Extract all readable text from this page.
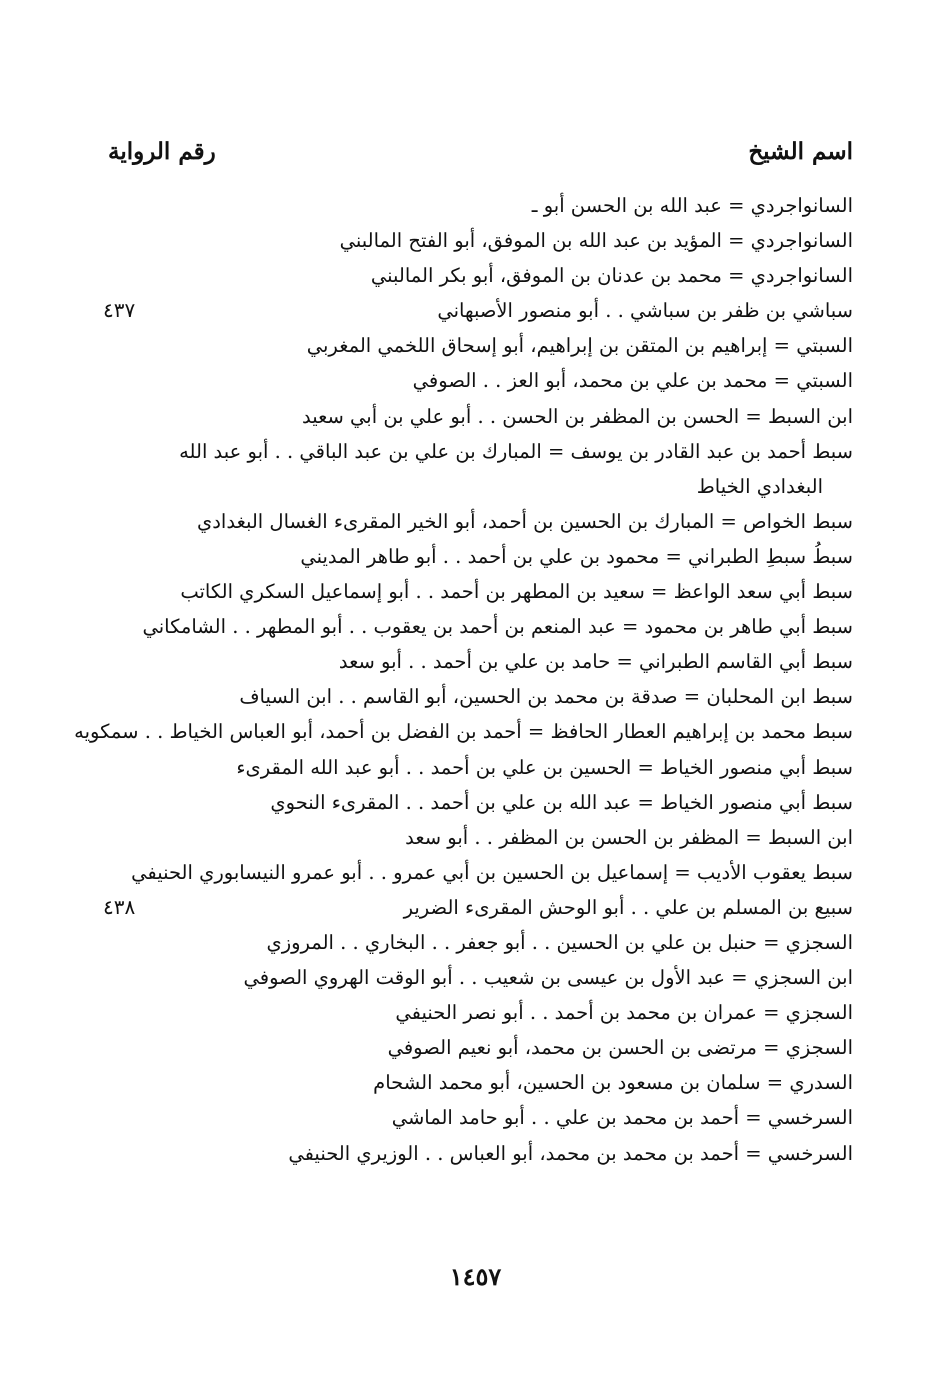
اسم الشيخ
رقم الرواية
السانواجردي = عبد الله بن الحسن أبو ـ
السانواجردي = المؤيد بن عبد الله بن الموفق، أبو الفتح المالبني
السانواجردي = محمد بن عدنان بن الموفق، أبو بكر المالبني
سباشي بن ظفر بن سباشي . . أبو منصور الأصبهاني
٤٣٧
السبتي = إبراهيم بن المتقن بن إبراهيم، أبو إسحاق اللخمي المغربي
السبتي = محمد بن علي بن محمد، أبو العز . . الصوفي
ابن السبط = الحسن بن المظفر بن الحسن . . أبو علي بن أبي سعيد
سبط أحمد بن عبد القادر بن يوسف = المبارك بن علي بن عبد الباقي . . أبو عبد الله
البغدادي الخياط
سبط الخواص = المبارك بن الحسين بن أحمد، أبو الخير المقرىء الغسال البغدادي
سبطُ سبطِ الطبراني = محمود بن علي بن أحمد . . أبو طاهر المديني
سبط أبي سعد الواعظ = سعيد بن المطهر بن أحمد . . أبو إسماعيل السكري الكاتب
سبط أبي طاهر بن محمود = عبد المنعم بن أحمد بن يعقوب . . أبو المطهر . . الشامكاني
سبط أبي القاسم الطبراني = حامد بن علي بن أحمد . . أبو سعد
سبط ابن المحلبان = صدقة بن محمد بن الحسين، أبو القاسم . . ابن السياف
سبط محمد بن إبراهيم العطار الحافظ = أحمد بن الفضل بن أحمد، أبو العباس الخياط . . سمكويه
سبط أبي منصور الخياط = الحسين بن علي بن أحمد . . أبو عبد الله المقرىء
سبط أبي منصور الخياط = عبد الله بن علي بن أحمد . . المقرىء النحوي
ابن السبط = المظفر بن الحسن بن المظفر . . أبو سعد
سبط يعقوب الأديب = إسماعيل بن الحسين بن أبي عمرو . . أبو عمرو النيسابوري الحنيفي
سبيع بن المسلم بن علي . . أبو الوحش المقرىء الضرير
٤٣٨
السجزي = حنبل بن علي بن الحسين . . أبو جعفر . . البخاري . . المروزي
ابن السجزي = عبد الأول بن عيسى بن شعيب . . أبو الوقت الهروي الصوفي
السجزي = عمران بن محمد بن أحمد . . أبو نصر الحنيفي
السجزي = مرتضى بن الحسن بن محمد، أبو نعيم الصوفي
السدري = سلمان بن مسعود بن الحسين، أبو محمد الشحام
السرخسي = أحمد بن محمد بن علي . . أبو حامد الماشي
السرخسي = أحمد بن محمد بن محمد، أبو العباس . . الوزيري الحنيفي
١٤٥٧
